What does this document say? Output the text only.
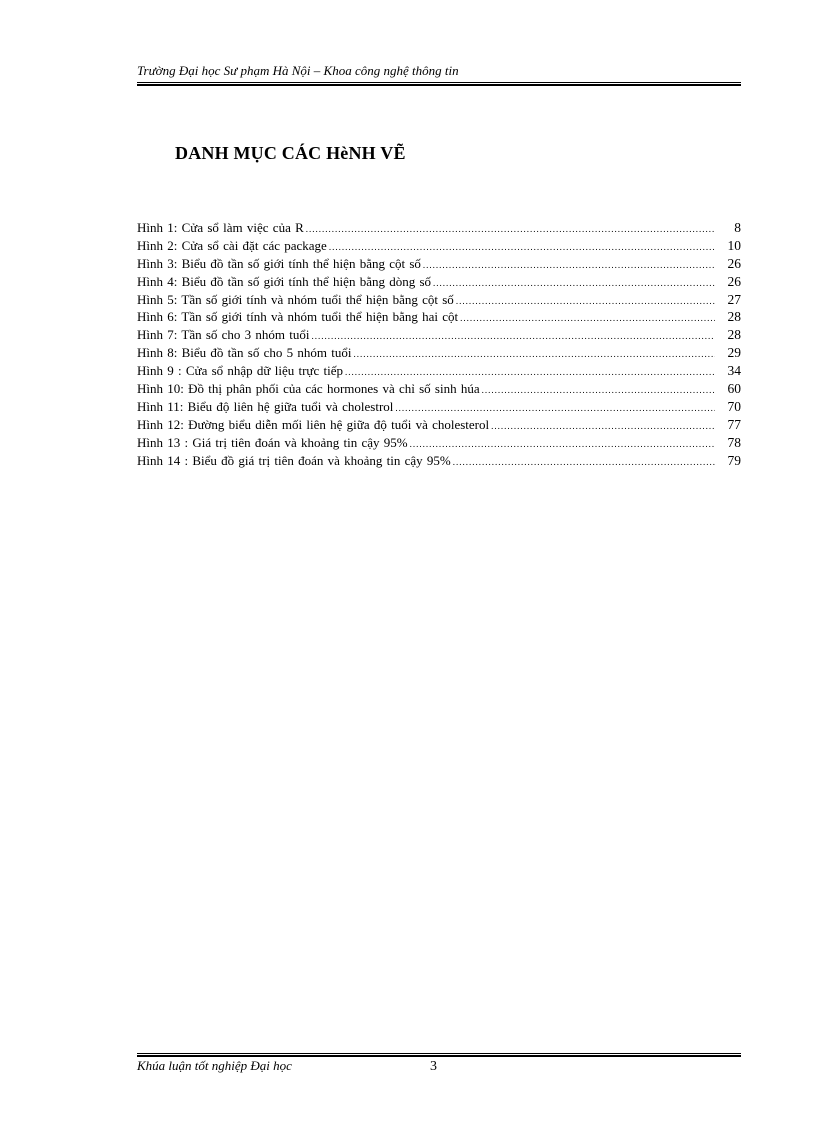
Trường Đại học Sư phạm Hà Nội – Khoa công nghệ thông tin
DANH MỤC CÁC HèNH VẼ
Hình 1: Cửa sổ làm việc của R .....	8
Hình 2: Cửa sổ cài đặt các package .....	10
Hình 3: Biểu đồ tần số giới tính thể hiện bằng cột số .....	26
Hình 4: Biểu đồ tần số giới tính thể hiện bằng dòng số .....	26
Hình 5: Tần số giới tính và nhóm tuổi thể hiện bằng cột số .....	27
Hình 6: Tần số giới tính và nhóm tuổi thể hiện bằng hai cột .....	28
Hình 7: Tần số cho 3 nhóm tuổi .....	28
Hình 8: Biểu đồ tần số cho 5 nhóm tuổi .....	29
Hình 9 : Cửa sổ nhập dữ liệu trực tiếp .....	34
Hình 10: Đồ thị phân phối của các hormones và chỉ số sinh húa .....	60
Hình 11: Biểu độ liên hệ giữa tuổi và cholestrol .....	70
Hình 12: Đường biểu diễn mối liên hệ giữa độ tuổi và cholesterol .....	77
Hình 13 : Giá trị tiên đoán và khoảng tin cậy 95% .....	78
Hình 14 : Biểu đồ giá trị tiên đoán và khoảng tin cậy 95% .....	79
Khúa luận tốt nghiệp Đại học	3
